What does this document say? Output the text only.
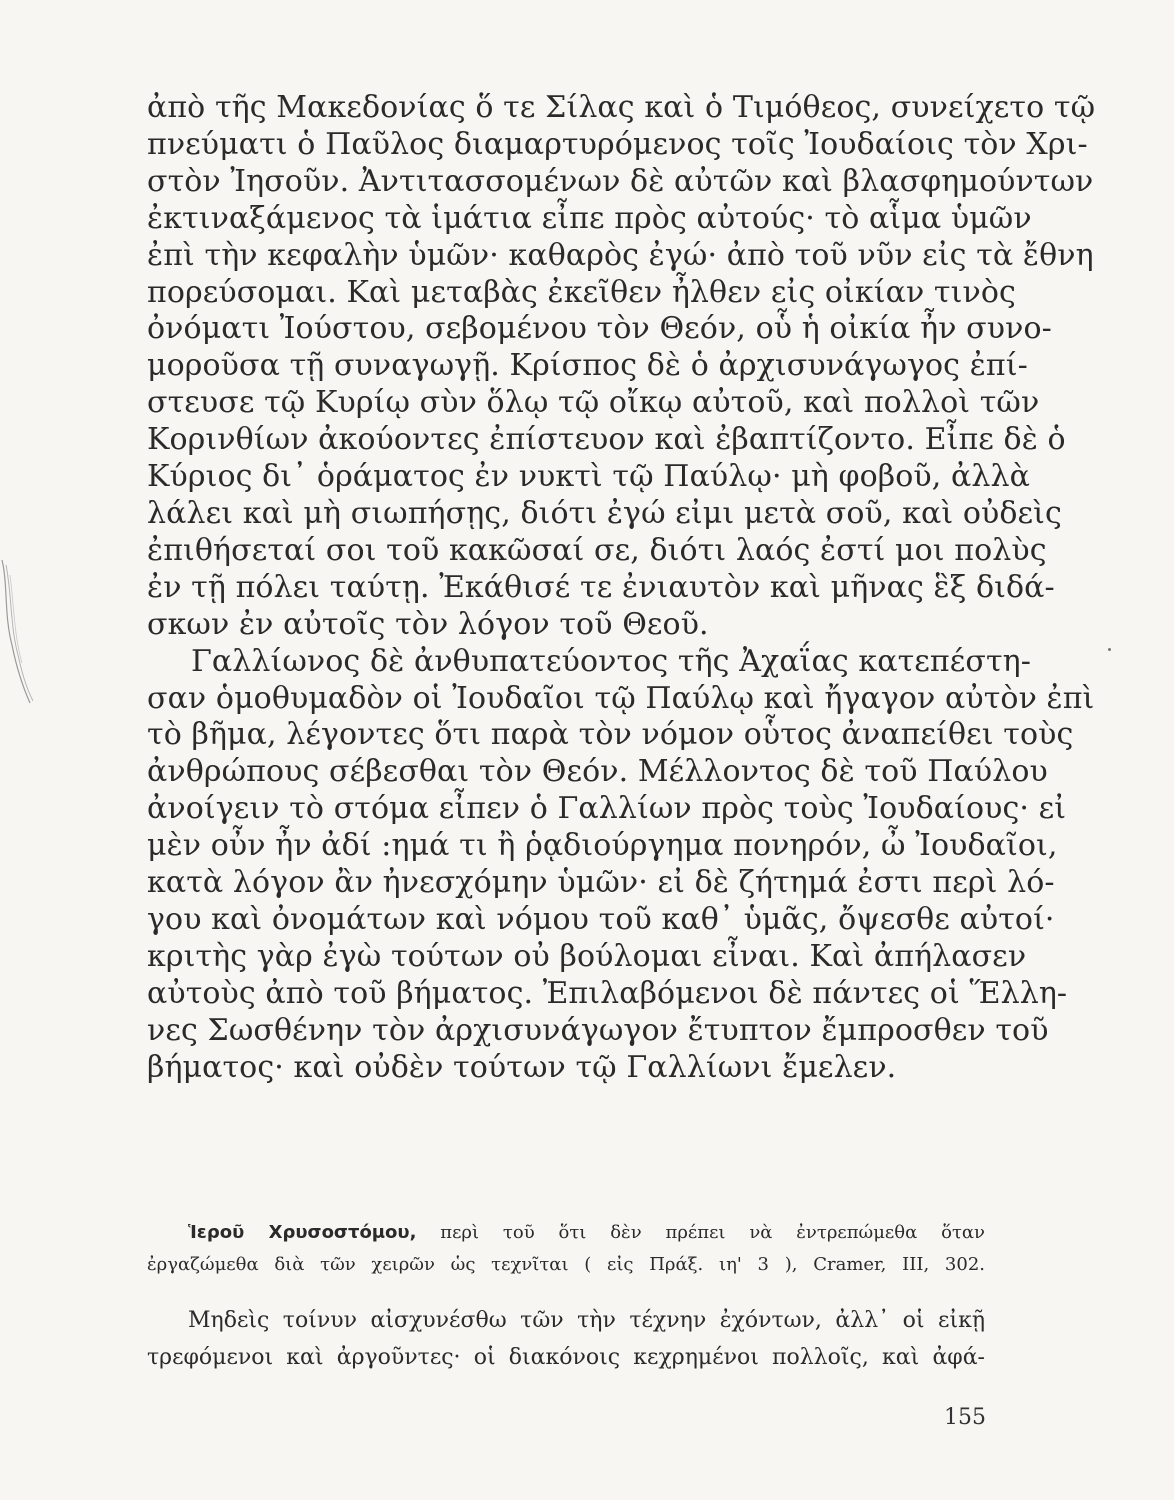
ἀπὸ τῆς Μακεδονίας ὅ τε Σίλας καὶ ὁ Τιμόθεος, συνείχετο τῷ
πνεύματι ὁ Παῦλος διαμαρτυρόμενος τοῖς Ἰουδαίοις τὸν Χρι-
στὸν Ἰησοῦν. Ἀντιτασσομένων δὲ αὐτῶν καὶ βλασφημούντων
ἐκτιναξάμενος τὰ ἱμάτια εἶπε πρὸς αὐτούς· τὸ αἷμα ὑμῶν
ἐπὶ τὴν κεφαλὴν ὑμῶν· καθαρὸς ἐγώ· ἀπὸ τοῦ νῦν εἰς τὰ ἔθνη
πορεύσομαι. Καὶ μεταβὰς ἐκεῖθεν ἦλθεν εἰς οἰκίαν τινὸς
ὀνόματι Ἰούστου, σεβομένου τὸν Θεόν, οὗ ἡ οἰκία ἦν συνο-
μοροῦσα τῇ συναγωγῇ. Κρίσπος δὲ ὁ ἀρχισυνάγωγος ἐπί-
στευσε τῷ Κυρίῳ σὺν ὅλῳ τῷ οἴκῳ αὐτοῦ, καὶ πολλοὶ τῶν
Κορινθίων ἀκούοντες ἐπίστευον καὶ ἐβαπτίζοντο. Εἶπε δὲ ὁ
Κύριος δι᾿ ὁράματος ἐν νυκτὶ τῷ Παύλῳ· μὴ φοβοῦ, ἀλλὰ
λάλει καὶ μὴ σιωπήσῃς, διότι ἐγώ εἰμι μετὰ σοῦ, καὶ οὐδεὶς
ἐπιθήσεταί σοι τοῦ κακῶσαί σε, διότι λαός ἐστί μοι πολὺς
ἐν τῇ πόλει ταύτῃ. Ἐκάθισέ τε ἐνιαυτὸν καὶ μῆνας ἓξ διδά-
σκων ἐν αὐτοῖς τὸν λόγον τοῦ Θεοῦ.
Γαλλίωνος δὲ ἀνθυπατεύοντος τῆς Ἀχαΐας κατεπέστη-
σαν ὁμοθυμαδὸν οἱ Ἰουδαῖοι τῷ Παύλῳ καὶ ἤγαγον αὐτὸν ἐπὶ
τὸ βῆμα, λέγοντες ὅτι παρὰ τὸν νόμον οὗτος ἀναπείθει τοὺς
ἀνθρώπους σέβεσθαι τὸν Θεόν. Μέλλοντος δὲ τοῦ Παύλου
ἀνοίγειν τὸ στόμα εἶπεν ὁ Γαλλίων πρὸς τοὺς Ἰουδαίους· εἰ
μὲν οὖν ἦν ἀδί :ημά τι ἢ ῥᾳδιούργημα πονηρόν, ὦ Ἰουδαῖοι,
κατὰ λόγον ἂν ἠνεσχόμην ὑμῶν· εἰ δὲ ζήτημά ἐστι περὶ λό-
γου καὶ ὀνομάτων καὶ νόμου τοῦ καθ᾿ ὑμᾶς, ὄψεσθε αὐτοί·
κριτὴς γὰρ ἐγὼ τούτων οὐ βούλομαι εἶναι. Καὶ ἀπήλασεν
αὐτοὺς ἀπὸ τοῦ βήματος. Ἐπιλαβόμενοι δὲ πάντες οἱ Ἕλλη-
νες Σωσθένην τὸν ἀρχισυνάγωγον ἔτυπτον ἔμπροσθεν τοῦ
βήματος· καὶ οὐδὲν τούτων τῷ Γαλλίωνι ἔμελεν.
Ἱεροῦ Χρυσοστόμου, περὶ τοῦ ὅτι δὲν πρέπει νὰ ἐντρεπώμεθα ὅταν
ἐργαζώμεθα διὰ τῶν χειρῶν ὡς τεχνῖται ( εἰς Πράξ. ιη' 3 ), Cramer, III, 302.
Μηδεὶς τοίνυν αἰσχυνέσθω τῶν τὴν τέχνην ἐχόντων, ἀλλ᾿ οἱ εἰκῇ
τρεφόμενοι καὶ ἀργοῦντες· οἱ διακόνοις κεχρημένοι πολλοῖς, καὶ ἀφά-
155
